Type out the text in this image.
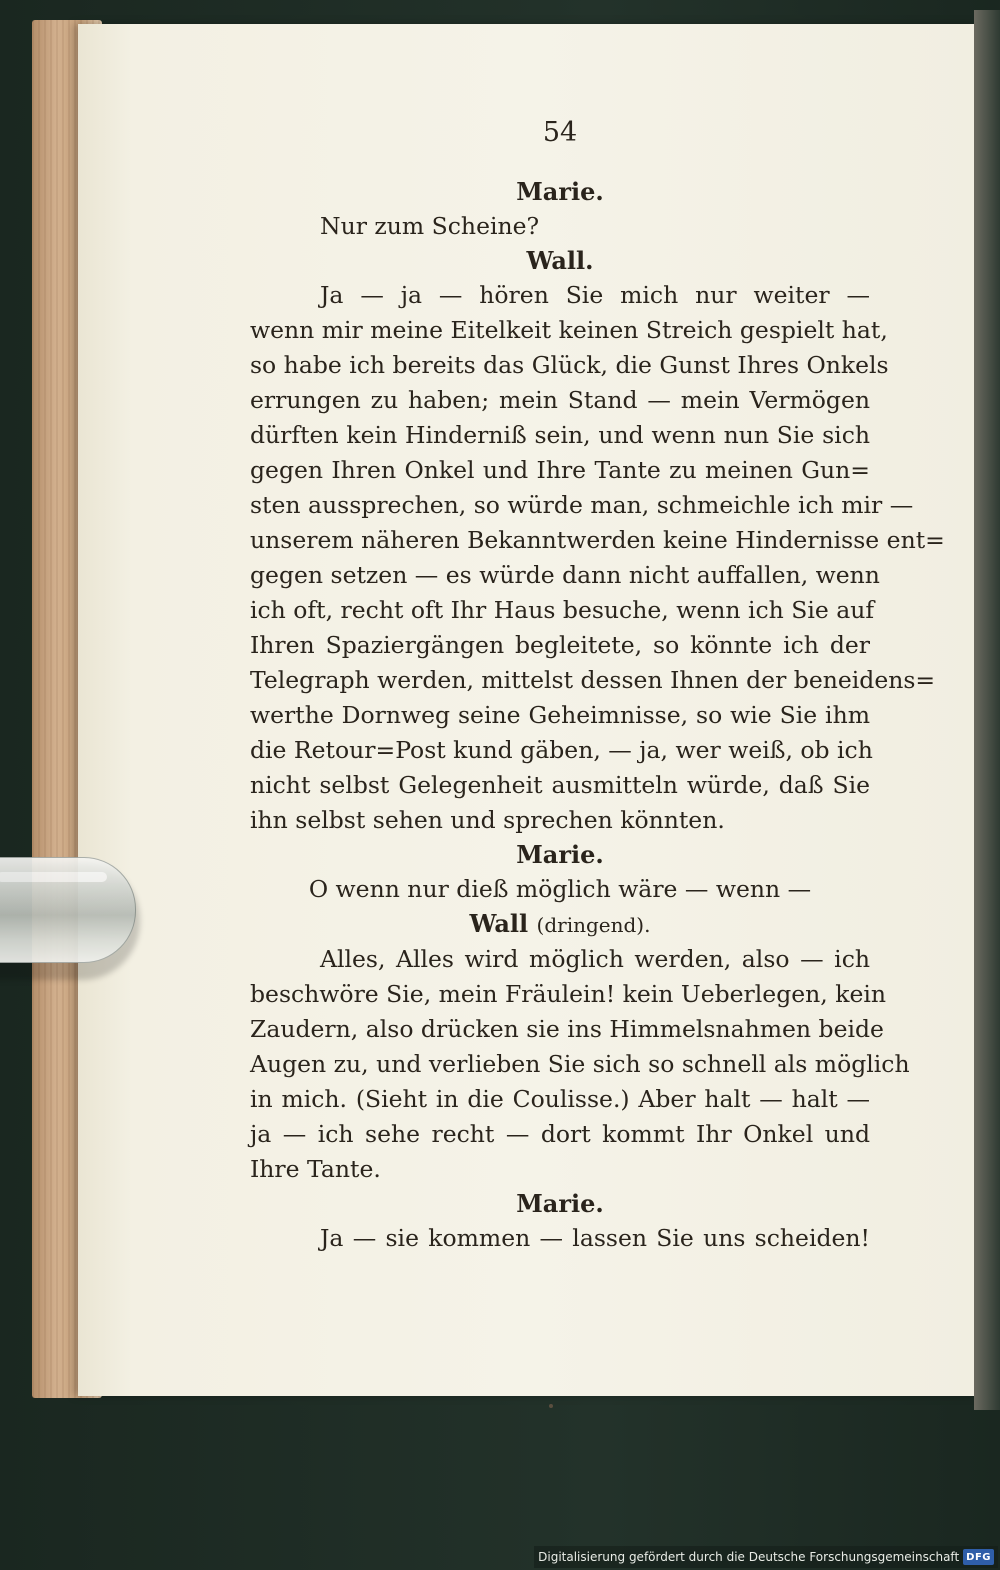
54
Marie.
Nur zum Scheine?
Wall.
Ja — ja — hören Sie mich nur weiter —
wenn mir meine Eitelkeit keinen Streich gespielt hat,
so habe ich bereits das Glück, die Gunst Ihres Onkels
errungen zu haben; mein Stand — mein Vermögen
dürften kein Hinderniß sein, und wenn nun Sie sich
gegen Ihren Onkel und Ihre Tante zu meinen Gun=
sten aussprechen, so würde man, schmeichle ich mir —
unserem näheren Bekanntwerden keine Hindernisse ent=
gegen setzen — es würde dann nicht auffallen, wenn
ich oft, recht oft Ihr Haus besuche, wenn ich Sie auf
Ihren Spaziergängen begleitete, so könnte ich der
Telegraph werden, mittelst dessen Ihnen der beneidens=
werthe Dornweg seine Geheimnisse, so wie Sie ihm
die Retour=Post kund gäben, — ja, wer weiß, ob ich
nicht selbst Gelegenheit ausmitteln würde, daß Sie
ihn selbst sehen und sprechen könnten.
Marie.
O wenn nur dieß möglich wäre — wenn —
Wall (dringend).
Alles, Alles wird möglich werden, also — ich
beschwöre Sie, mein Fräulein! kein Ueberlegen, kein
Zaudern, also drücken sie ins Himmelsnahmen beide
Augen zu, und verlieben Sie sich so schnell als möglich
in mich. (Sieht in die Coulisse.) Aber halt — halt —
ja — ich sehe recht — dort kommt Ihr Onkel und
Ihre Tante.
Marie.
Ja — sie kommen — lassen Sie uns scheiden!
Digitalisierung gefördert durch die Deutsche Forschungsgemeinschaft DFG
